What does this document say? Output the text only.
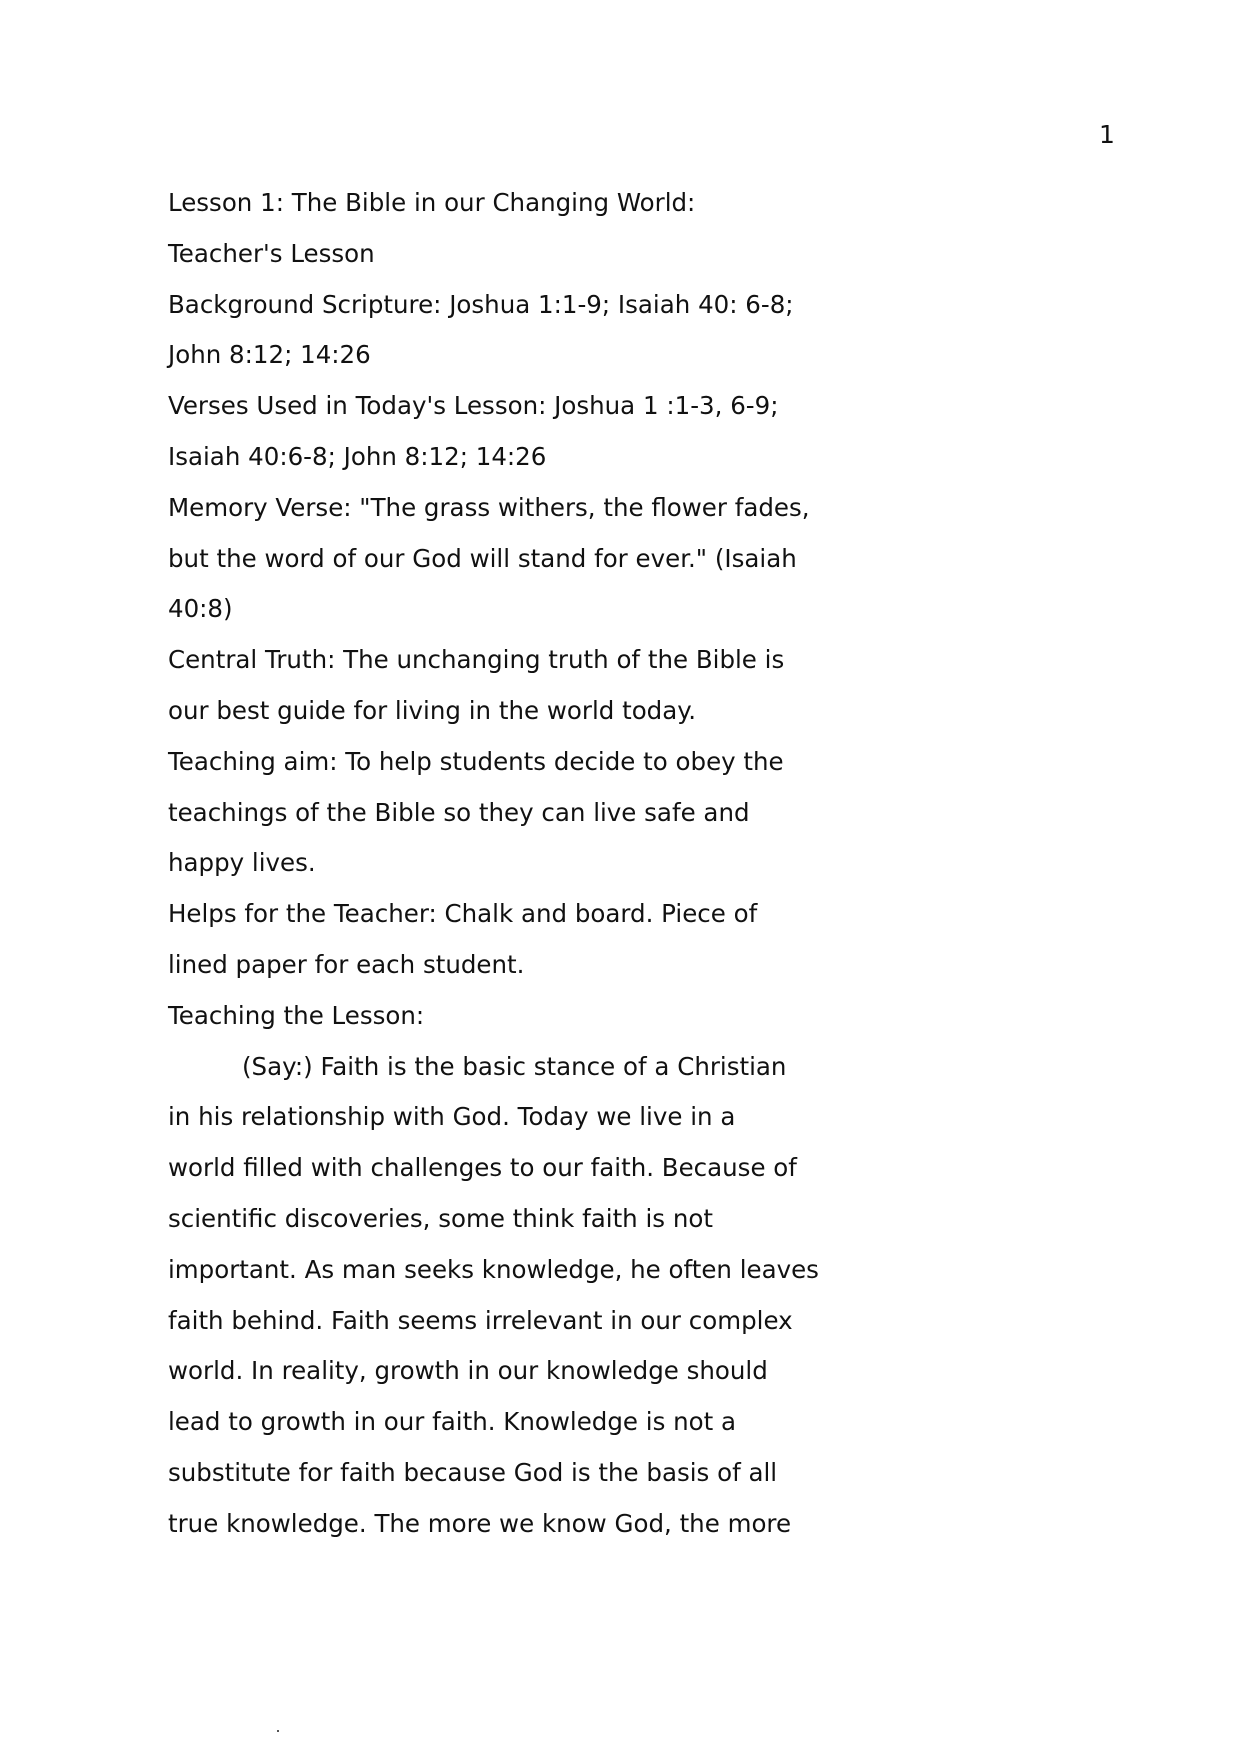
1
Lesson 1: The Bible in our Changing World:
Teacher's Lesson
Background Scripture: Joshua 1:1-9; Isaiah 40: 6-8;
John 8:12; 14:26
Verses Used in Today's Lesson: Joshua 1 :1-3, 6-9;
Isaiah 40:6-8; John 8:12; 14:26
Memory Verse: "The grass withers, the flower fades,
but the word of our God will stand for ever." (Isaiah
40:8)
Central Truth: The unchanging truth of the Bible is
our best guide for living in the world today.
Teaching aim: To help students decide to obey the
teachings of the Bible so they can live safe and
happy lives.
Helps for the Teacher: Chalk and board. Piece of
lined paper for each student.
Teaching the Lesson:
(Say:) Faith is the basic stance of a Christian
in his relationship with God. Today we live in a
world filled with challenges to our faith. Because of
scientific discoveries, some think faith is not
important. As man seeks knowledge, he often leaves
faith behind. Faith seems irrelevant in our complex
world. In reality, growth in our knowledge should
lead to growth in our faith. Knowledge is not a
substitute for faith because God is the basis of all
true knowledge. The more we know God, the more
